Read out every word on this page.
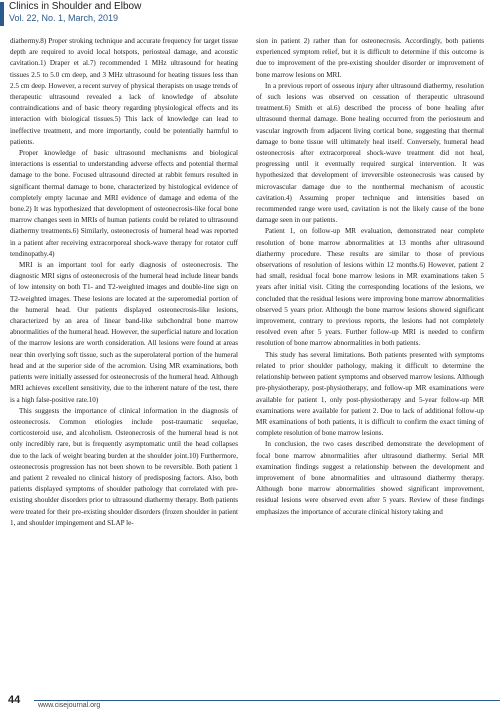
Clinics in Shoulder and Elbow
Vol. 22, No. 1, March, 2019

diathermy.8) Proper stroking technique and accurate frequency for target tissue depth are required to avoid local hotspots, periosteal damage, and acoustic cavitation.1) Draper et al.7) recommended 1 MHz ultrasound for heating tissues 2.5 to 5.0 cm deep, and 3 MHz ultrasound for heating tissues less than 2.5 cm deep. However, a recent survey of physical therapists on usage trends of therapeutic ultrasound revealed a lack of knowledge of absolute contraindications and of basic theory regarding physiological effects and its interaction with biological tissues.5) This lack of knowledge can lead to ineffective treatment, and more importantly, could be potentially harmful to patients.

Proper knowledge of basic ultrasound mechanisms and biological interactions is essential to understanding adverse effects and potential thermal damage to the bone. Focused ultrasound directed at rabbit femurs resulted in significant thermal damage to bone, characterized by histological evidence of completely empty lacunae and MRI evidence of damage and edema of the bone.2) It was hypothesized that development of osteonecrosis-like focal bone marrow changes seen in MRIs of human patients could be related to ultrasound diathermy treatments.6) Similarly, osteonecrosis of humeral head was reported in a patient after receiving extracorporeal shock-wave therapy for rotator cuff tendinopathy.4)

MRI is an important tool for early diagnosis of osteonecrosis. The diagnostic MRI signs of osteonecrosis of the humeral head include linear bands of low intensity on both T1- and T2-weighted images and double-line sign on T2-weighted images. These lesions are located at the superomedial portion of the humeral head. Our patients displayed osteonecrosis-like lesions, characterized by an area of linear band-like subchondral bone marrow abnormalities of the humeral head. However, the superficial nature and location of the marrow lesions are worth consideration. All lesions were found at areas near thin overlying soft tissue, such as the superolateral portion of the humeral head and at the superior side of the acromion. Using MR examinations, both patients were initially assessed for osteonecrosis of the humeral head. Although MRI achieves excellent sensitivity, due to the inherent nature of the test, there is a high false-positive rate.10)

This suggests the importance of clinical information in the diagnosis of osteonecrosis. Common etiologies include post-traumatic sequelae, corticosteroid use, and alcoholism. Osteonecrosis of the humeral head is not only incredibly rare, but is frequently asymptomatic until the head collapses due to the lack of weight bearing burden at the shoulder joint.10) Furthermore, osteonecrosis progression has not been shown to be reversible. Both patient 1 and patient 2 revealed no clinical history of predisposing factors. Also, both patients displayed symptoms of shoulder pathology that correlated with pre-existing shoulder disorders prior to ultrasound diathermy therapy. Both patients were treated for their pre-existing shoulder disorders (frozen shoulder in patient 1, and shoulder impingement and SLAP le-

sion in patient 2) rather than for osteonecrosis. Accordingly, both patients experienced symptom relief, but it is difficult to determine if this outcome is due to improvement of the pre-existing shoulder disorder or improvement of bone marrow lesions on MRI.

In a previous report of osseous injury after ultrasound diathermy, resolution of such lesions was observed on cessation of therapeutic ultrasound treatment.6) Smith et al.6) described the process of bone healing after ultrasound thermal damage. Bone healing occurred from the periosteum and vascular ingrowth from adjacent living cortical bone, suggesting that thermal damage to bone tissue will ultimately heal itself. Conversely, humeral head osteonecrosis after extracorporeal shock-wave treatment did not heal, progressing until it eventually required surgical intervention. It was hypothesized that development of irreversible osteonecrosis was caused by microvascular damage due to the nonthermal mechanism of acoustic cavitation.4) Assuming proper technique and intensities based on recommended range were used, cavitation is not the likely cause of the bone damage seen in our patients.

Patient 1, on follow-up MR evaluation, demonstrated near complete resolution of bone marrow abnormalities at 13 months after ultrasound diathermy procedure. These results are similar to those of previous observations of resolution of lesions within 12 months.6) However, patient 2 had small, residual focal bone marrow lesions in MR examinations taken 5 years after initial visit. Citing the corresponding locations of the lesions, we concluded that the residual lesions were improving bone marrow abnormalities observed 5 years prior. Although the bone marrow lesions showed significant improvement, contrary to previous reports, the lesions had not completely resolved even after 5 years. Further follow-up MRI is needed to confirm resolution of bone marrow abnormalities in both patients.

This study has several limitations. Both patients presented with symptoms related to prior shoulder pathology, making it difficult to determine the relationship between patient symptoms and observed marrow lesions. Although pre-physiotherapy, post-physiotherapy, and follow-up MR examinations were available for patient 1, only post-physiotherapy and 5-year follow-up MR examinations were available for patient 2. Due to lack of additional follow-up MR examinations of both patients, it is difficult to confirm the exact timing of complete resolution of bone marrow lesions.

In conclusion, the two cases described demonstrate the development of focal bone marrow abnormalities after ultrasound diathermy. Serial MR examination findings suggest a relationship between the development and improvement of bone abnormalities and ultrasound diathermy therapy. Although bone marrow abnormalities showed significant improvement, residual lesions were observed even after 5 years. Review of these findings emphasizes the importance of accurate clinical history taking and

44	www.cisejournal.org
